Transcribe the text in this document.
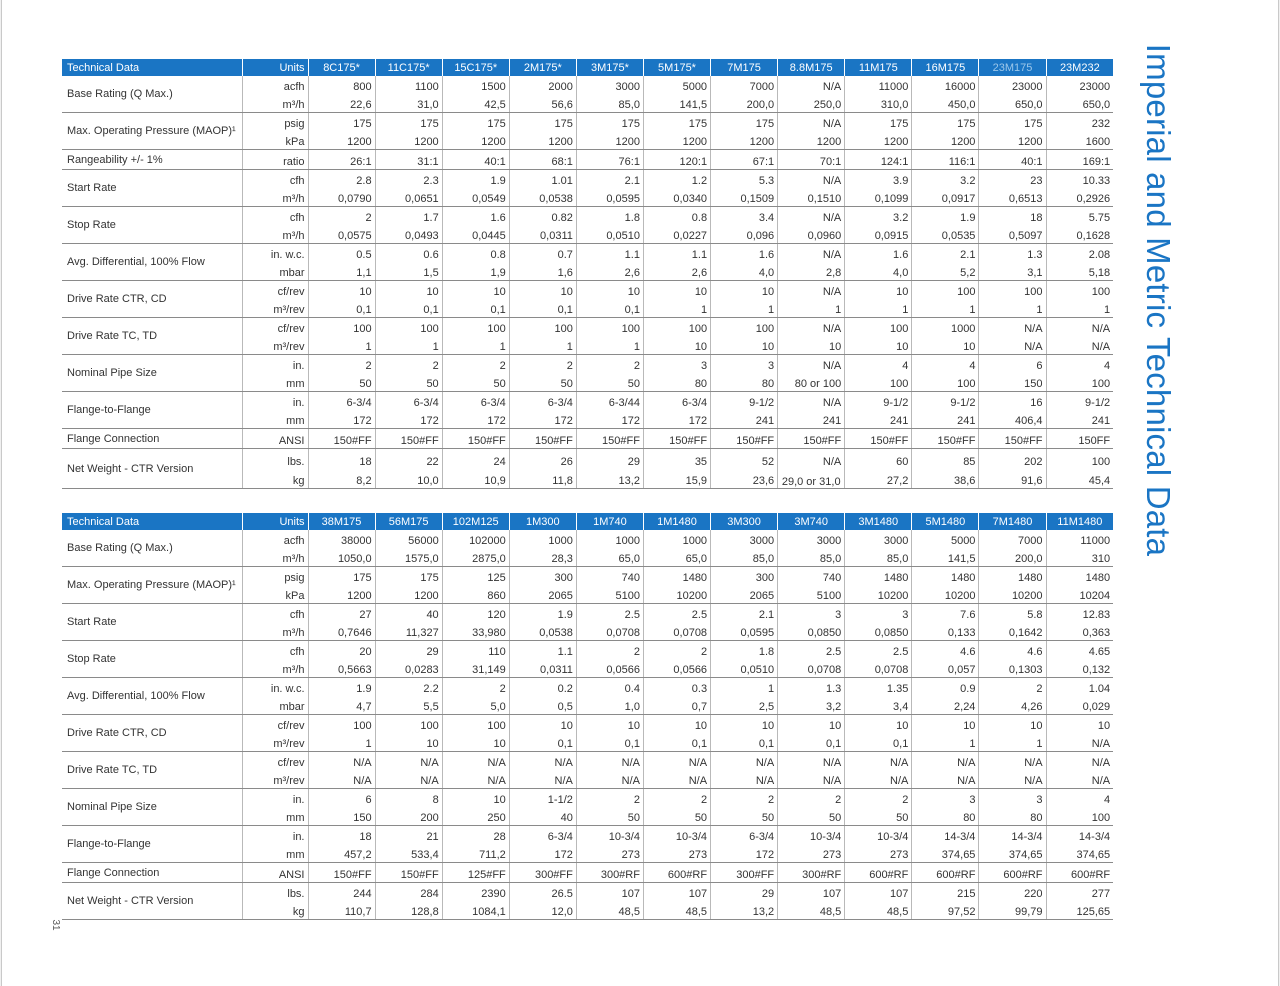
Imperial and Metric Technical Data
Technical Data	Units	8C175*	11C175*	15C175*	2M175*	3M175*	5M175*	7M175	8.8M175	11M175	16M175	23M175	23M232
Base Rating (Q Max.)	acfh	800	1100	1500	2000	3000	5000	7000	N/A	11000	16000	23000	23000
	m³/h	22,6	31,0	42,5	56,6	85,0	141,5	200,0	250,0	310,0	450,0	650,0	650,0
Max. Operating Pressure (MAOP)¹	psig	175	175	175	175	175	175	175	N/A	175	175	175	232
	kPa	1200	1200	1200	1200	1200	1200	1200	1200	1200	1200	1200	1600
Rangeability +/- 1%	ratio	26:1	31:1	40:1	68:1	76:1	120:1	67:1	70:1	124:1	116:1	40:1	169:1
Start Rate	cfh	2.8	2.3	1.9	1.01	2.1	1.2	5.3	N/A	3.9	3.2	23	10.33
	m³/h	0,0790	0,0651	0,0549	0,0538	0,0595	0,0340	0,1509	0,1510	0,1099	0,0917	0,6513	0,2926
Stop Rate	cfh	2	1.7	1.6	0.82	1.8	0.8	3.4	N/A	3.2	1.9	18	5.75
	m³/h	0,0575	0,0493	0,0445	0,0311	0,0510	0,0227	0,096	0,0960	0,0915	0,0535	0,5097	0,1628
Avg. Differential, 100% Flow	in. w.c.	0.5	0.6	0.8	0.7	1.1	1.1	1.6	N/A	1.6	2.1	1.3	2.08
	mbar	1,1	1,5	1,9	1,6	2,6	2,6	4,0	2,8	4,0	5,2	3,1	5,18
Drive Rate CTR, CD	cf/rev	10	10	10	10	10	10	10	N/A	10	100	100	100
	m³/rev	0,1	0,1	0,1	0,1	0,1	1	1	1	1	1	1	1
Drive Rate TC, TD	cf/rev	100	100	100	100	100	100	100	N/A	100	1000	N/A	N/A
	m³/rev	1	1	1	1	1	10	10	10	10	10	N/A	N/A
Nominal Pipe Size	in.	2	2	2	2	2	3	3	N/A	4	4	6	4
	mm	50	50	50	50	50	80	80	80 or 100	100	100	150	100
Flange-to-Flange	in.	6-3/4	6-3/4	6-3/4	6-3/4	6-3/44	6-3/4	9-1/2	N/A	9-1/2	9-1/2	16	9-1/2
	mm	172	172	172	172	172	172	241	241	241	241	406,4	241
Flange Connection	ANSI	150#FF	150#FF	150#FF	150#FF	150#FF	150#FF	150#FF	150#FF	150#FF	150#FF	150#FF	150FF
Net Weight - CTR Version	lbs.	18	22	24	26	29	35	52	N/A	60	85	202	100
	kg	8,2	10,0	10,9	11,8	13,2	15,9	23,6	29,0 or 31,0	27,2	38,6	91,6	45,4
Technical Data	Units	38M175	56M175	102M125	1M300	1M740	1M1480	3M300	3M740	3M1480	5M1480	7M1480	11M1480
Base Rating (Q Max.)	acfh	38000	56000	102000	1000	1000	1000	3000	3000	3000	5000	7000	11000
	m³/h	1050,0	1575,0	2875,0	28,3	65,0	65,0	85,0	85,0	85,0	141,5	200,0	310
Max. Operating Pressure (MAOP)¹	psig	175	175	125	300	740	1480	300	740	1480	1480	1480	1480
	kPa	1200	1200	860	2065	5100	10200	2065	5100	10200	10200	10200	10204
Start Rate	cfh	27	40	120	1.9	2.5	2.5	2.1	3	3	7.6	5.8	12.83
	m³/h	0,7646	11,327	33,980	0,0538	0,0708	0,0708	0,0595	0,0850	0,0850	0,133	0,1642	0,363
Stop Rate	cfh	20	29	110	1.1	2	2	1.8	2.5	2.5	4.6	4.6	4.65
	m³/h	0,5663	0,0283	31,149	0,0311	0,0566	0,0566	0,0510	0,0708	0,0708	0,057	0,1303	0,132
Avg. Differential, 100% Flow	in. w.c.	1.9	2.2	2	0.2	0.4	0.3	1	1.3	1.35	0.9	2	1.04
	mbar	4,7	5,5	5,0	0,5	1,0	0,7	2,5	3,2	3,4	2,24	4,26	0,029
Drive Rate CTR, CD	cf/rev	100	100	100	10	10	10	10	10	10	10	10	10
	m³/rev	1	10	10	0,1	0,1	0,1	0,1	0,1	0,1	1	1	N/A
Drive Rate TC, TD	cf/rev	N/A	N/A	N/A	N/A	N/A	N/A	N/A	N/A	N/A	N/A	N/A	N/A
	m³/rev	N/A	N/A	N/A	N/A	N/A	N/A	N/A	N/A	N/A	N/A	N/A	N/A
Nominal Pipe Size	in.	6	8	10	1-1/2	2	2	2	2	2	3	3	4
	mm	150	200	250	40	50	50	50	50	50	80	80	100
Flange-to-Flange	in.	18	21	28	6-3/4	10-3/4	10-3/4	6-3/4	10-3/4	10-3/4	14-3/4	14-3/4	14-3/4
	mm	457,2	533,4	711,2	172	273	273	172	273	273	374,65	374,65	374,65
Flange Connection	ANSI	150#FF	150#FF	125#FF	300#FF	300#RF	600#RF	300#FF	300#RF	600#RF	600#RF	600#RF	600#RF
Net Weight - CTR Version	lbs.	244	284	2390	26.5	107	107	29	107	107	215	220	277
	kg	110,7	128,8	1084,1	12,0	48,5	48,5	13,2	48,5	48,5	97,52	99,79	125,65
31
